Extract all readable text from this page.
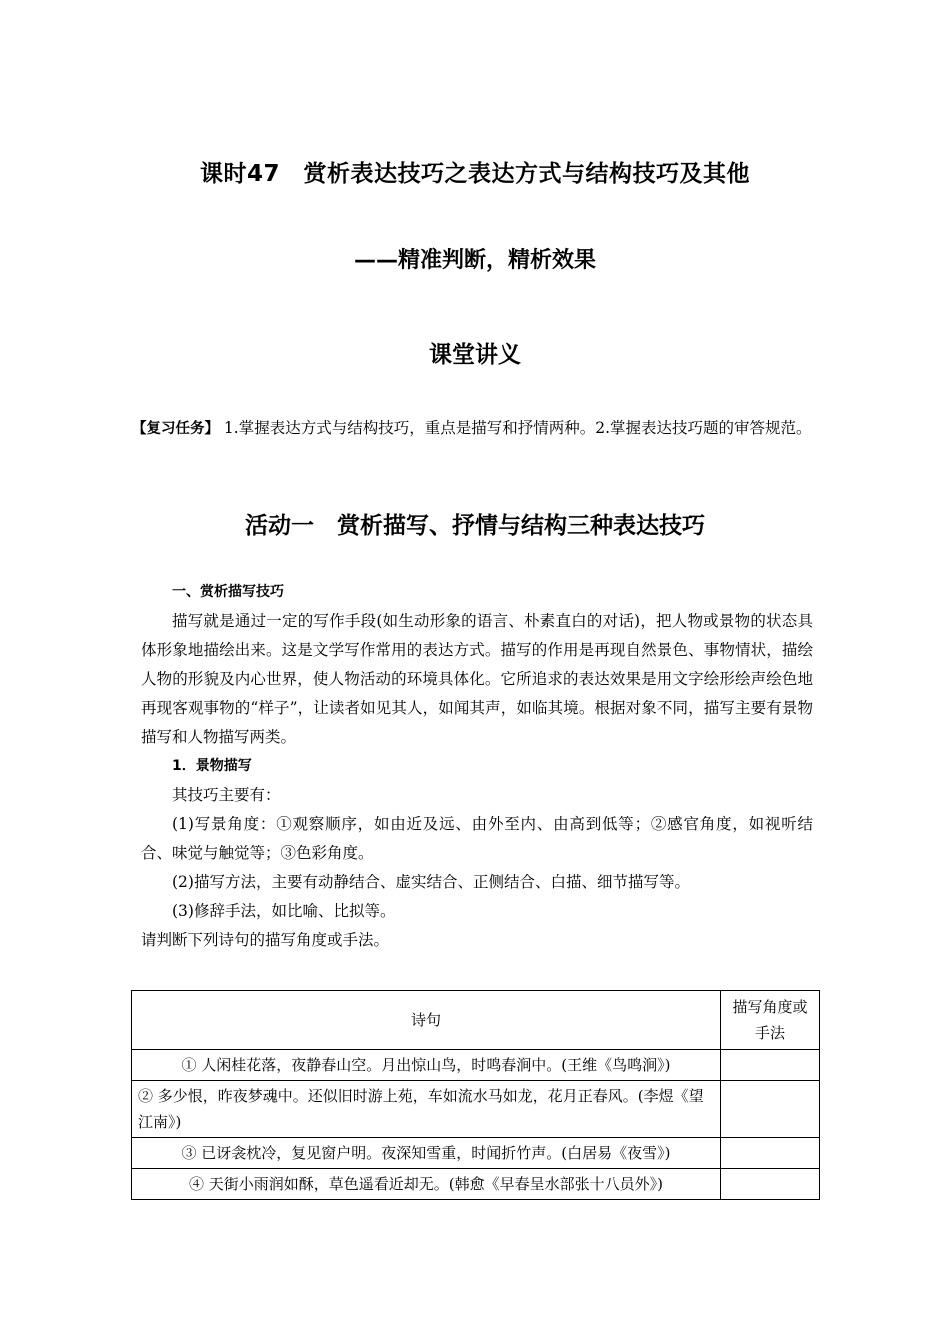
课时47　赏析表达技巧之表达方式与结构技巧及其他
——精准判断，精析效果
课堂讲义
【复习任务】 1.掌握表达方式与结构技巧，重点是描写和抒情两种。2.掌握表达技巧题的审答规范。
活动一　赏析描写、抒情与结构三种表达技巧

一、赏析描写技巧

描写就是通过一定的写作手段(如生动形象的语言、朴素直白的对话)，把人物或景物的状态具体形象地描绘出来。这是文学写作常用的表达方式。描写的作用是再现自然景色、事物情状，描绘人物的形貌及内心世界，使人物活动的环境具体化。它所追求的表达效果是用文字绘形绘声绘色地再现客观事物的“样子”，让读者如见其人，如闻其声，如临其境。根据对象不同，描写主要有景物描写和人物描写两类。

1．景物描写

其技巧主要有：

(1)写景角度：①观察顺序，如由近及远、由外至内、由高到低等；②感官角度，如视听结合、味觉与触觉等；③色彩角度。

(2)描写方法，主要有动静结合、虚实结合、正侧结合、白描、细节描写等。

(3)修辞手法，如比喻、比拟等。

请判断下列诗句的描写角度或手法。

诗句	描写角度或手法
① 人闲桂花落，夜静春山空。月出惊山鸟，时鸣春涧中。(王维《鸟鸣涧》)	
② 多少恨，昨夜梦魂中。还似旧时游上苑，车如流水马如龙，花月正春风。(李煜《望江南》)	
③ 已讶衾枕冷，复见窗户明。夜深知雪重，时闻折竹声。(白居易《夜雪》)	
④ 天街小雨润如酥，草色遥看近却无。(韩愈《早春呈水部张十八员外》)	
